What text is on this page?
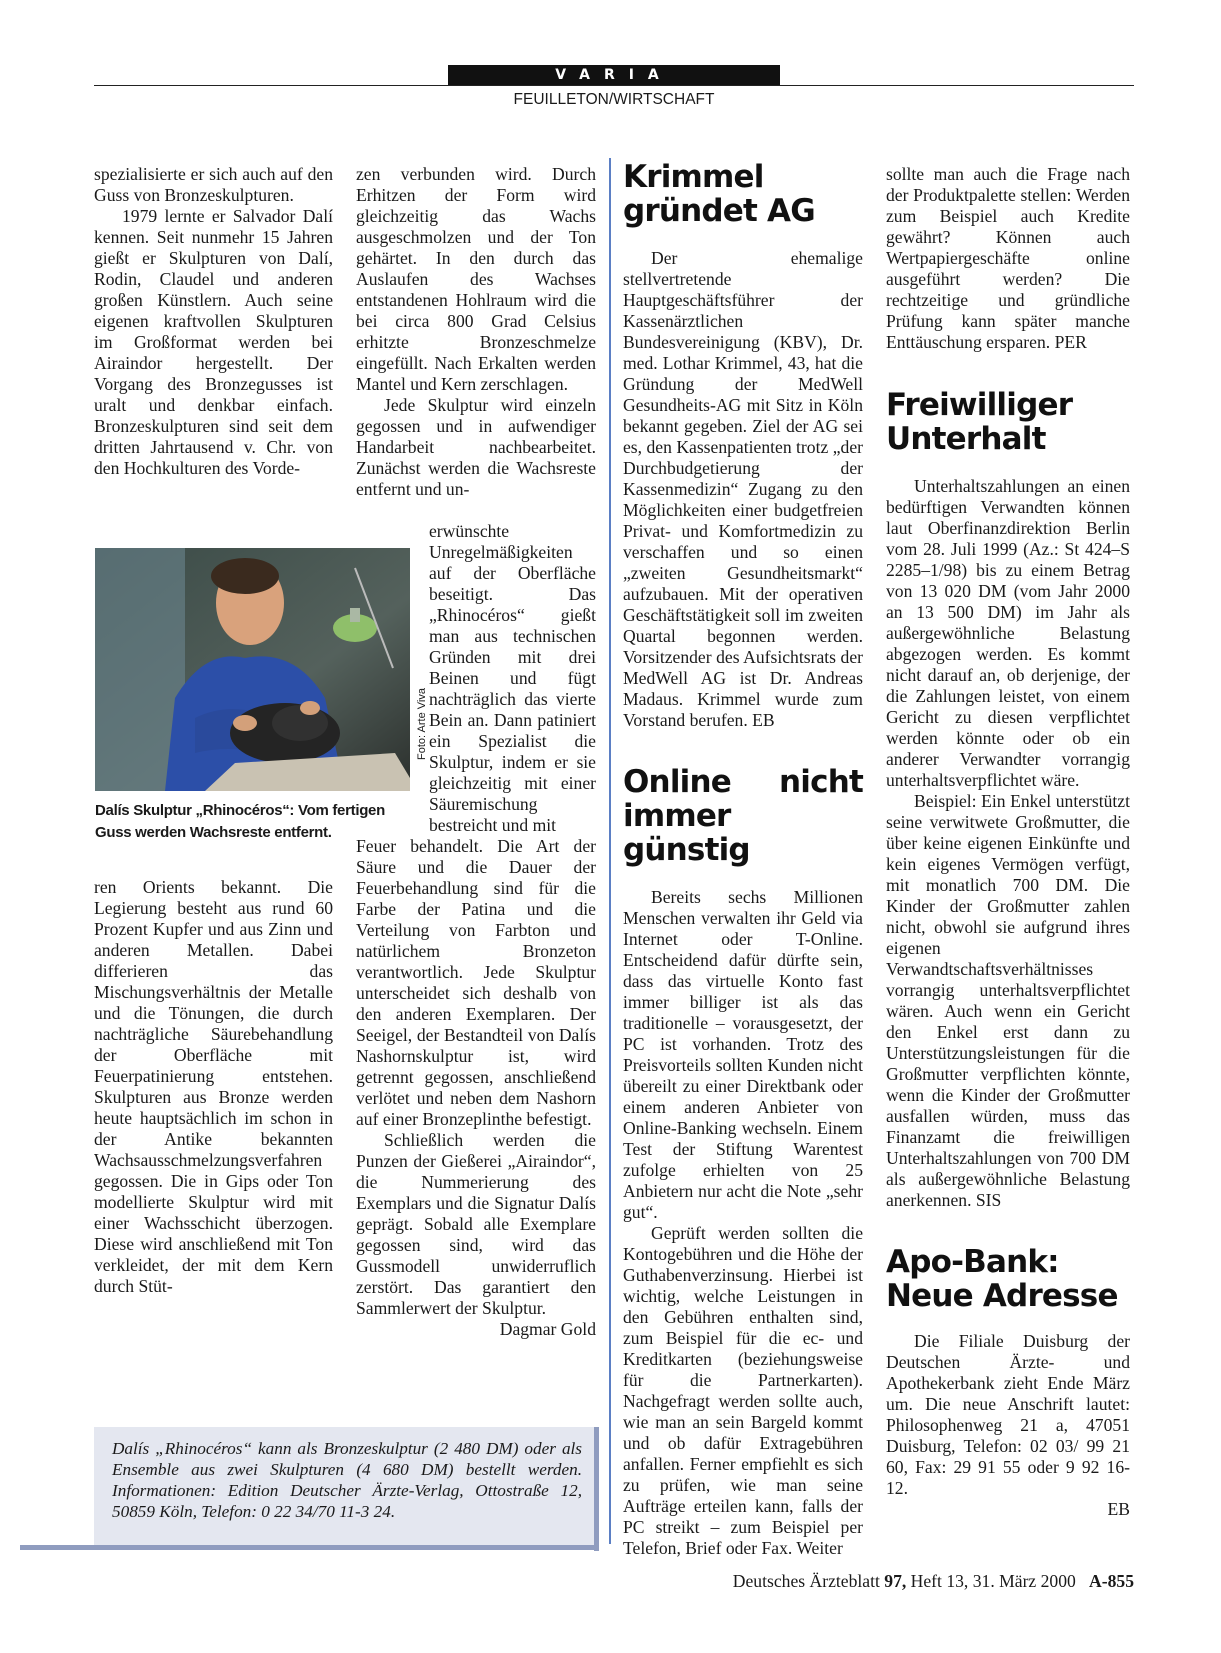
VARIA
FEUILLETON/WIRTSCHAFT

spezialisierte er sich auch auf den Guss von Bronzeskulpturen.

1979 lernte er Salvador Dalí kennen. Seit nunmehr 15 Jahren gießt er Skulpturen von Dalí, Rodin, Claudel und anderen großen Künstlern. Auch seine eigenen kraftvollen Skulpturen im Großformat werden bei Airaindor hergestellt. Der Vorgang des Bronzegusses ist uralt und denkbar einfach. Bronzeskulpturen sind seit dem dritten Jahrtausend v. Chr. von den Hochkulturen des Vorde-

Foto: Arte Viva
Dalís Skulptur „Rhinocéros“: Vom fertigen Guss werden Wachsreste entfernt.

ren Orients bekannt. Die Legierung besteht aus rund 60 Prozent Kupfer und aus Zinn und anderen Metallen. Dabei differieren das Mischungsverhältnis der Metalle und die Tönungen, die durch nachträgliche Säurebehandlung der Oberfläche mit Feuerpatinierung entstehen. Skulpturen aus Bronze werden heute hauptsächlich im schon in der Antike bekannten Wachsausschmelzungsverfahren gegossen. Die in Gips oder Ton modellierte Skulptur wird mit einer Wachsschicht überzogen. Diese wird anschließend mit Ton verkleidet, der mit dem Kern durch Stüt-

zen verbunden wird. Durch Erhitzen der Form wird gleichzeitig das Wachs ausgeschmolzen und der Ton gehärtet. In den durch das Auslaufen des Wachses entstandenen Hohlraum wird die bei circa 800 Grad Celsius erhitzte Bronzeschmelze eingefüllt. Nach Erkalten werden Mantel und Kern zerschlagen.

Jede Skulptur wird einzeln gegossen und in aufwendiger Handarbeit nachbearbeitet. Zunächst werden die Wachsreste entfernt und un-

erwünschte Unregelmäßigkeiten auf der Oberfläche beseitigt. Das „Rhinocéros“ gießt man aus technischen Gründen mit drei Beinen und fügt nachträglich das vierte Bein an. Dann patiniert ein Spezialist die Skulptur, indem er sie gleichzeitig mit einer Säuremischung bestreicht und mit

Feuer behandelt. Die Art der Säure und die Dauer der Feuerbehandlung sind für die Farbe der Patina und die Verteilung von Farbton und natürlichem Bronzeton verantwortlich. Jede Skulptur unterscheidet sich deshalb von den anderen Exemplaren. Der Seeigel, der Bestandteil von Dalís Nashornskulptur ist, wird getrennt gegossen, anschließend verlötet und neben dem Nashorn auf einer Bronzeplinthe befestigt.

Schließlich werden die Punzen der Gießerei „Airaindor“, die Nummerierung des Exemplars und die Signatur Dalís geprägt. Sobald alle Exemplare gegossen sind, wird das Gussmodell unwiderruflich zerstört. Das garantiert den Sammlerwert der Skulptur.

Dagmar Gold
Dalís „Rhinocéros“ kann als Bronzeskulptur (2 480 DM) oder als Ensemble aus zwei Skulpturen (4 680 DM) bestellt werden. Informationen: Edition Deutscher Ärzte-Verlag, Ottostraße 12, 50859 Köln, Telefon: 0 22 34/70 11-3 24.
Krimmel gründet AG

Der ehemalige stellvertretende Hauptgeschäftsführer der Kassenärztlichen Bundesvereinigung (KBV), Dr. med. Lothar Krimmel, 43, hat die Gründung der MedWell Gesundheits-AG mit Sitz in Köln bekannt gegeben. Ziel der AG sei es, den Kassenpatienten trotz „der Durchbudgetierung der Kassenmedizin“ Zugang zu den Möglichkeiten einer budgetfreien Privat- und Komfortmedizin zu verschaffen und so einen „zweiten Gesundheitsmarkt“ aufzubauen. Mit der operativen Geschäftstätigkeit soll im zweiten Quartal begonnen werden. Vorsitzender des Aufsichtsrats der MedWell AG ist Dr. Andreas Madaus. Krimmel wurde zum Vorstand berufen. EB

Online nicht immer günstig

Bereits sechs Millionen Menschen verwalten ihr Geld via Internet oder T-Online. Entscheidend dafür dürfte sein, dass das virtuelle Konto fast immer billiger ist als das traditionelle – vorausgesetzt, der PC ist vorhanden. Trotz des Preisvorteils sollten Kunden nicht übereilt zu einer Direktbank oder einem anderen Anbieter von Online-Banking wechseln. Einem Test der Stiftung Warentest zufolge erhielten von 25 Anbietern nur acht die Note „sehr gut“.

Geprüft werden sollten die Kontogebühren und die Höhe der Guthabenverzinsung. Hierbei ist wichtig, welche Leistungen in den Gebühren enthalten sind, zum Beispiel für die ec- und Kreditkarten (beziehungsweise für die Partnerkarten). Nachgefragt werden sollte auch, wie man an sein Bargeld kommt und ob dafür Extragebühren anfallen. Ferner empfiehlt es sich zu prüfen, wie man seine Aufträge erteilen kann, falls der PC streikt – zum Beispiel per Telefon, Brief oder Fax. Weiter

sollte man auch die Frage nach der Produktpalette stellen: Werden zum Beispiel auch Kredite gewährt? Können auch Wertpapiergeschäfte online ausgeführt werden? Die rechtzeitige und gründliche Prüfung kann später manche Enttäuschung ersparen. PER

Freiwilliger Unterhalt

Unterhaltszahlungen an einen bedürftigen Verwandten können laut Oberfinanzdirektion Berlin vom 28. Juli 1999 (Az.: St 424–S 2285–1/98) bis zu einem Betrag von 13 020 DM (vom Jahr 2000 an 13 500 DM) im Jahr als außergewöhnliche Belastung abgezogen werden. Es kommt nicht darauf an, ob derjenige, der die Zahlungen leistet, von einem Gericht zu diesen verpflichtet werden könnte oder ob ein anderer Verwandter vorrangig unterhaltsverpflichtet wäre.

Beispiel: Ein Enkel unterstützt seine verwitwete Großmutter, die über keine eigenen Einkünfte und kein eigenes Vermögen verfügt, mit monatlich 700 DM. Die Kinder der Großmutter zahlen nicht, obwohl sie aufgrund ihres eigenen Verwandtschaftsverhältnisses vorrangig unterhaltsverpflichtet wären. Auch wenn ein Gericht den Enkel erst dann zu Unterstützungsleistungen für die Großmutter verpflichten könnte, wenn die Kinder der Großmutter ausfallen würden, muss das Finanzamt die freiwilligen Unterhaltszahlungen von 700 DM als außergewöhnliche Belastung anerkennen. SIS

Apo-Bank: Neue Adresse

Die Filiale Duisburg der Deutschen Ärzte- und Apothekerbank zieht Ende März um. Die neue Anschrift lautet: Philosophenweg 21 a, 47051 Duisburg, Telefon: 02 03/ 99 21 60, Fax: 29 91 55 oder 9 92 16-12.

EB
Deutsches Ärzteblatt 97, Heft 13, 31. März 2000 A-855
